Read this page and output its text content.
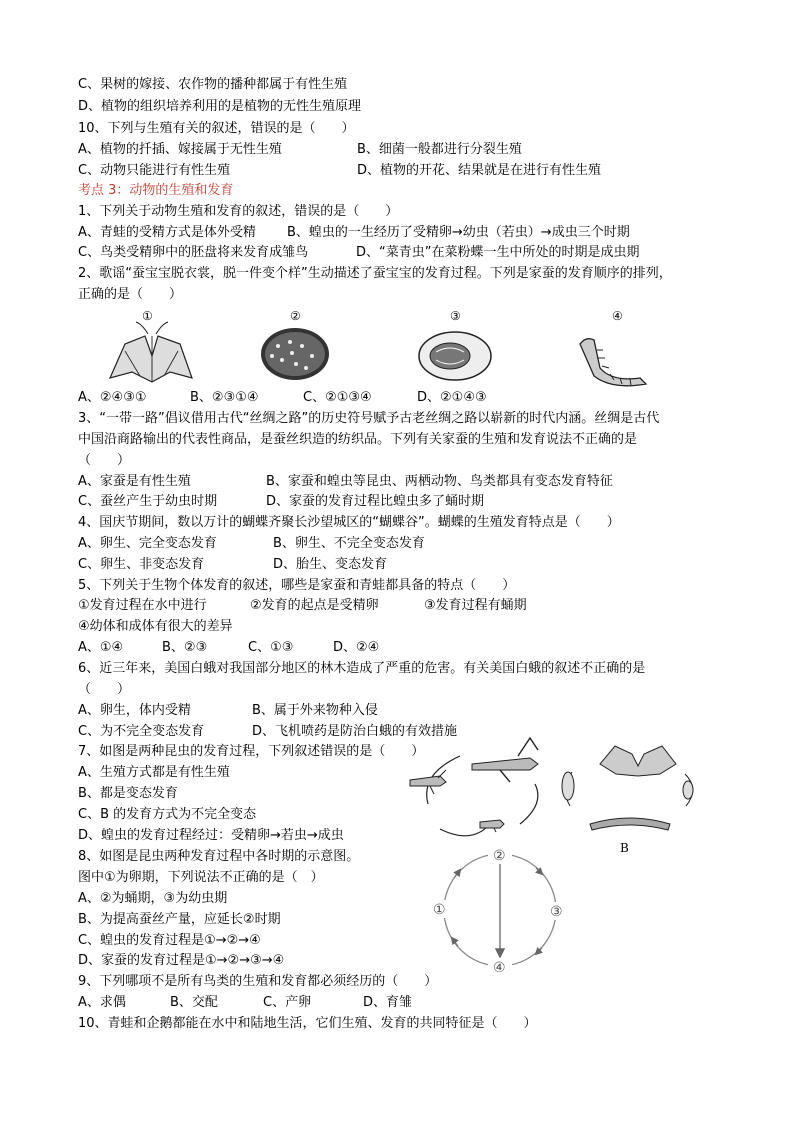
C、果树的嫁接、农作物的播种都属于有性生殖
D、植物的组织培养利用的是植物的无性生殖原理
10、下列与生殖有关的叙述，错误的是（　　）
A、植物的扦插、嫁接属于无性生殖	B、细菌一般都进行分裂生殖
C、动物只能进行有性生殖	D、植物的开花、结果就是在进行有性生殖
考点 3：动物的生殖和发育
1、下列关于动物生殖和发育的叙述，错误的是（　　）
A、青蛙的受精方式是体外受精 B、蝗虫的一生经历了受精卵→幼虫（若虫）→成虫三个时期
C、鸟类受精卵中的胚盘将来发育成雏鸟	D、“菜青虫”在菜粉蝶一生中所处的时期是成虫期
2、歌谣“蚕宝宝脱衣裳，脱一件变个样”生动描述了蚕宝宝的发育过程。下列是家蚕的发育顺序的排列，
正确的是（　　）
①	②	③	④
A、②④③①	B、②③①④	C、②①③④	D、②①④③
3、“一带一路”倡议借用古代“丝绸之路”的历史符号赋予古老丝绸之路以崭新的时代内涵。丝绸是古代
中国沿商路输出的代表性商品，是蚕丝织造的纺织品。下列有关家蚕的生殖和发育说法不正确的是
（　　）
A、家蚕是有性生殖	B、家蚕和蝗虫等昆虫、两栖动物、鸟类都具有变态发育特征
C、蚕丝产生于幼虫时期	D、家蚕的发育过程比蝗虫多了蛹时期
4、国庆节期间，数以万计的蝴蝶齐聚长沙望城区的“蝴蝶谷”。蝴蝶的生殖发育特点是（　　）
A、卵生、完全变态发育	B、卵生、不完全变态发育
C、卵生、非变态发育	D、胎生、变态发育
5、下列关于生物个体发育的叙述，哪些是家蚕和青蛙都具备的特点（　　）
①发育过程在水中进行	②发育的起点是受精卵	③发育过程有蛹期
④幼体和成体有很大的差异
A、①④	B、②③	C、①③	D、②④
6、近三年来，美国白蛾对我国部分地区的林木造成了严重的危害。有关美国白蛾的叙述不正确的是
（　　）
A、卵生，体内受精	B、属于外来物种入侵
C、为不完全变态发育	D、飞机喷药是防治白蛾的有效措施
7、如图是两种昆虫的发育过程，下列叙述错误的是（　　）
A、生殖方式都是有性生殖
B、都是变态发育
C、B 的发育方式为不完全变态
D、蝗虫的发育过程经过：受精卵→若虫→成虫
B
8、如图是昆虫两种发育过程中各时期的示意图。
图中①为卵期，下列说法不正确的是（　）
A、②为蛹期，③为幼虫期
B、为提高蚕丝产量，应延长②时期
C、蝗虫的发育过程是①→②→④
D、家蚕的发育过程是①→②→③→④
①
②
③
④
9、下列哪项不是所有鸟类的生殖和发育都必须经历的（　　）
A、求偶	B、交配	C、产卵	D、育雏
10、青蛙和企鹅都能在水中和陆地生活，它们生殖、发育的共同特征是（　　）
